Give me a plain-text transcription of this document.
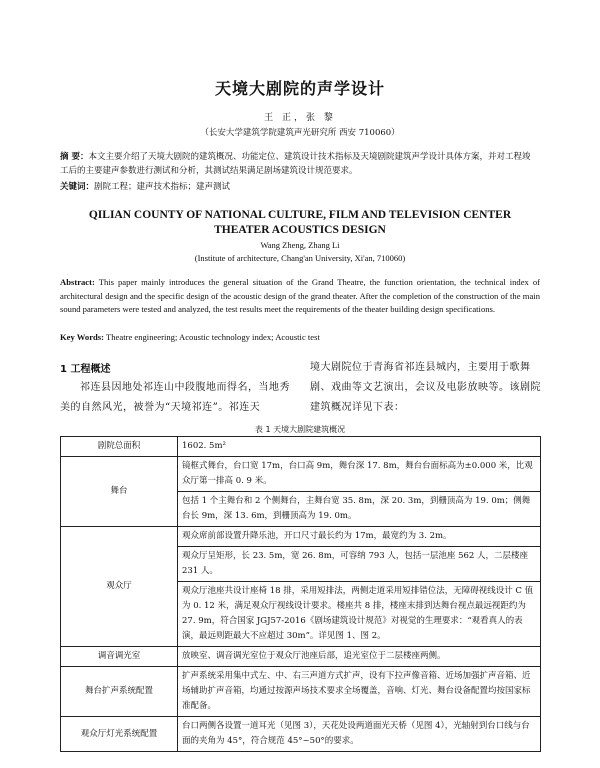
天境大剧院的声学设计
王 正，张 黎
（长安大学建筑学院建筑声光研究所 西安 710060）
摘 要：本文主要介绍了天境大剧院的建筑概况、功能定位、建筑设计技术指标及天境剧院建筑声学设计具体方案，并对工程竣工后的主要建声参数进行测试和分析，其测试结果满足剧场建筑设计规范要求。
关键词：剧院工程；建声技术指标；建声测试
QILIAN COUNTY OF NATIONAL CULTURE, FILM AND TELEVISION CENTER
THEATER ACOUSTICS DESIGN
Wang Zheng, Zhang Li
(Institute of architecture, Chang'an University, Xi'an, 710060)
Abstract: This paper mainly introduces the general situation of the Grand Theatre, the function orientation, the technical index of architectural design and the specific design of the acoustic design of the grand theater. After the completion of the construction of the main sound parameters were tested and analyzed, the test results meet the requirements of the theater building design specifications.
Key Words: Theatre engineering; Acoustic technology index; Acoustic test
1 工程概述
祁连县因地处祁连山中段腹地而得名，当地秀美的自然风光，被誉为“天境祁连”。祁连天
境大剧院位于青海省祁连县城内，主要用于歌舞剧、戏曲等文艺演出，会议及电影放映等。该剧院建筑概况详见下表：
表 1 天境大剧院建筑概况
剧院总面积	1602. 5m²
舞台	镜框式舞台，台口宽 17m，台口高 9m，舞台深 17. 8m，舞台台面标高为±0.000 米，比观众厅第一排高 0. 9 米。
	包括 1 个主舞台和 2 个侧舞台，主舞台宽 35. 8m，深 20. 3m，到栅顶高为 19. 0m；侧舞台长 9m，深 13. 6m，到栅顶高为 19. 0m。
观众厅	观众席前部设置升降乐池，开口尺寸最长约为 17m，最宽约为 3. 2m。
	观众厅呈矩形，长 23. 5m，宽 26. 8m，可容纳 793 人，包括一层池座 562 人，二层楼座 231 人。
	观众厅池座共设计座椅 18 排，采用短排法，两侧走道采用短排错位法，无障碍视线设计 C 值为 0. 12 米，满足观众厅视线设计要求。楼座共 8 排，楼座末排到达舞台视点最远视距约为 27. 9m，符合国家 JGJ57-2016《剧场建筑设计规范》对视觉的生理要求：“观看真人的表演，最远则距最大不应超过 30m”。详见图 1、图 2。
调音调光室	放映室、调音调光室位于观众厅池座后部，追光室位于二层楼座两侧。
舞台扩声系统配置	扩声系统采用集中式左、中、右三声道方式扩声，设有下拉声像音箱、近场加强扩声音箱、近场辅助扩声音箱，均通过按源声场技术要求全场覆盖，音响、灯光、舞台设备配置均按国家标准配备。
观众厅灯光系统配置	台口两侧各设置一道耳光（见图 3），天花处设两道面光天桥（见图 4），光轴射到台口线与台面的夹角为 45°，符合规范 45°~50°的要求。
